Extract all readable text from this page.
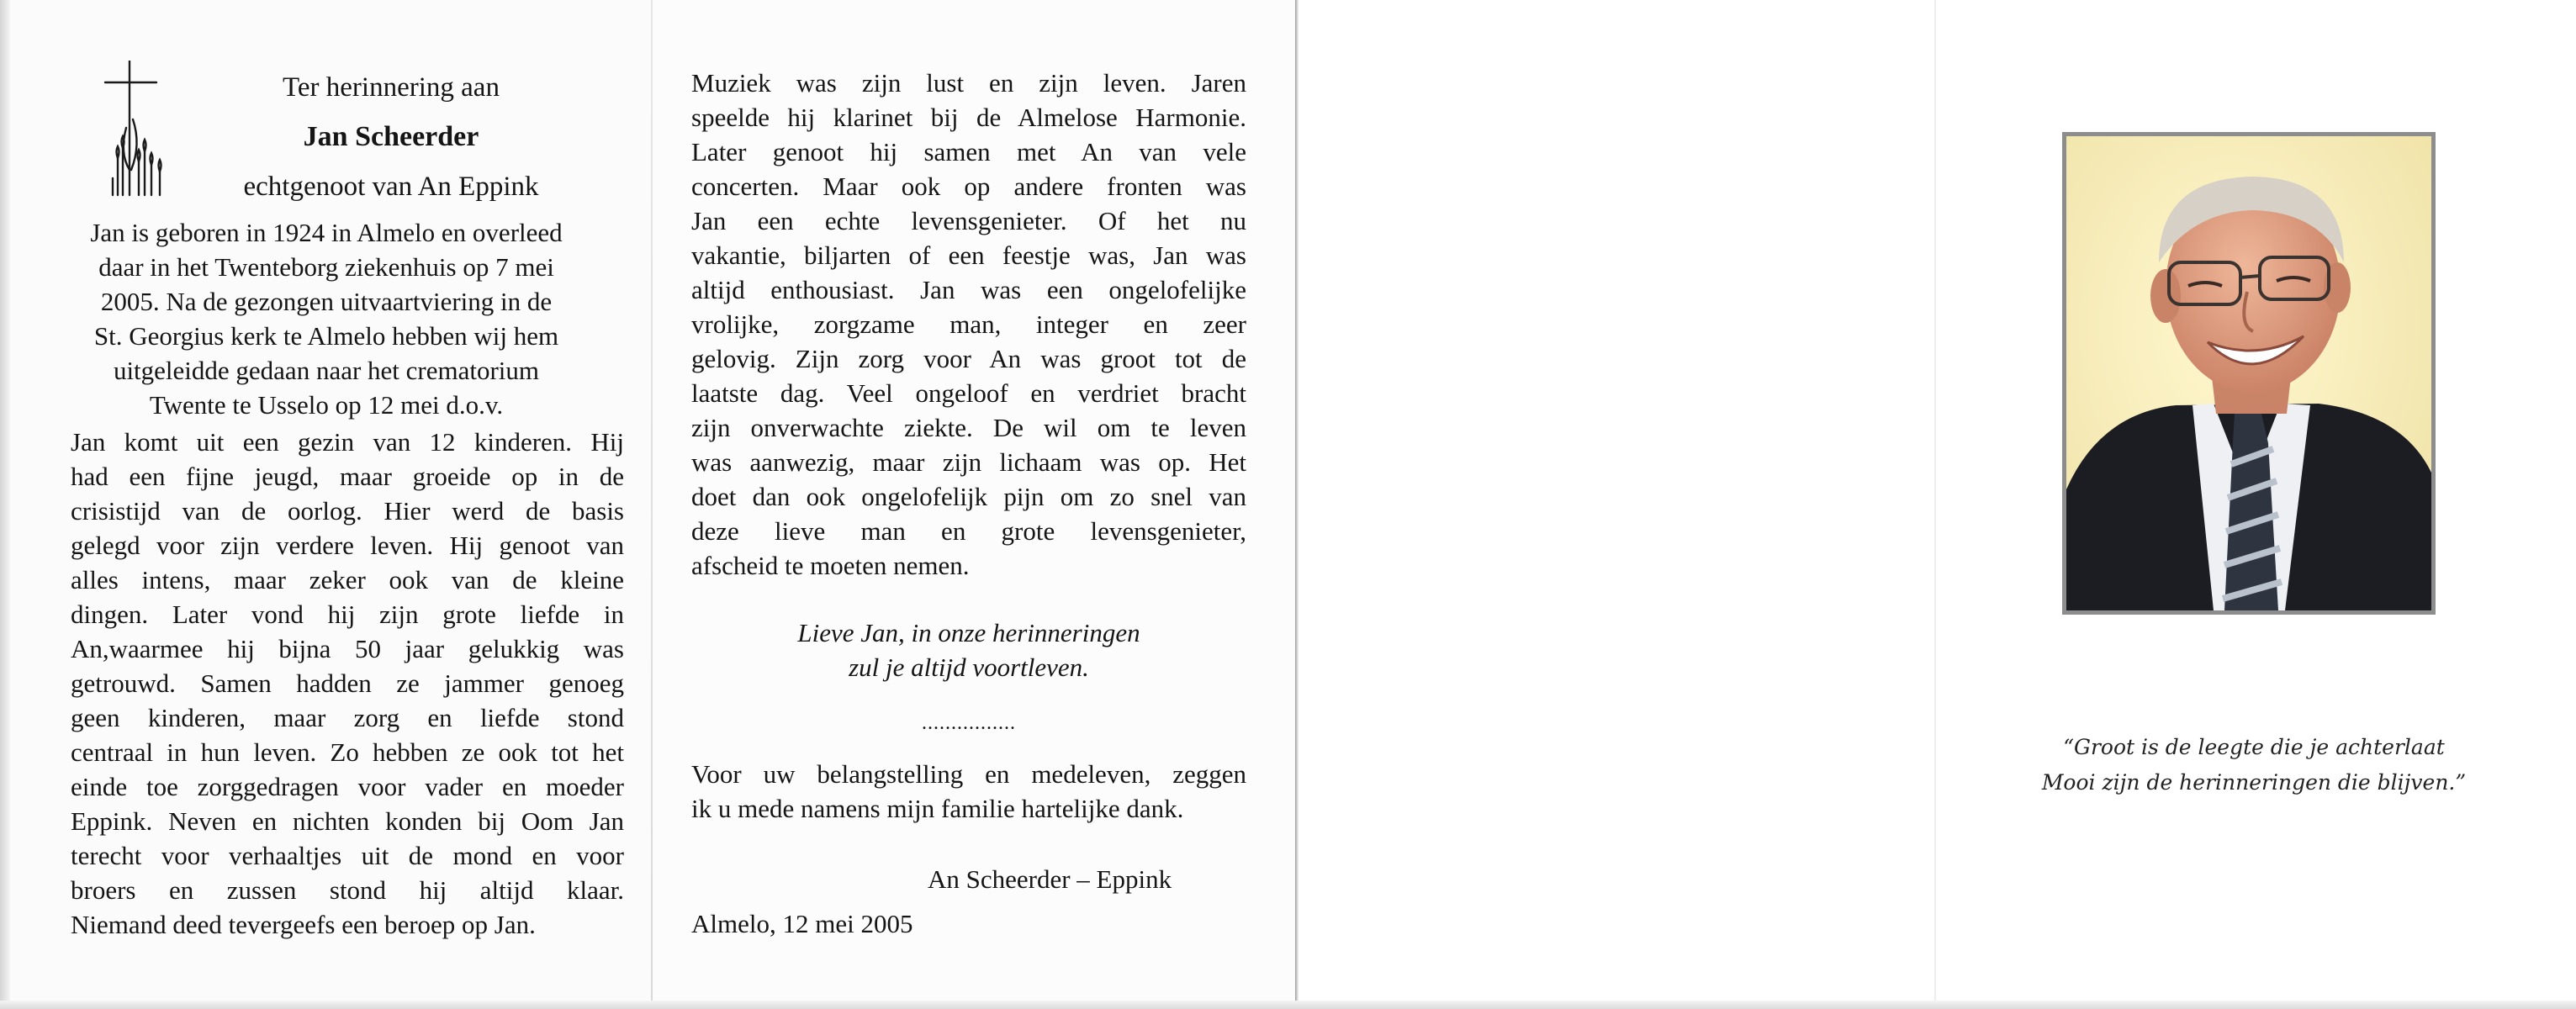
Ter herinnering aan
Jan Scheerder
echtgenoot van An Eppink
Jan is geboren in 1924 in Almelo en overleed
daar in het Twenteborg ziekenhuis op 7 mei
2005. Na de gezongen uitvaartviering in de
St. Georgius kerk te Almelo hebben wij hem
uitgeleidde gedaan naar het crematorium
Twente te Usselo op 12 mei d.o.v.
Jan komt uit een gezin van 12 kinderen. Hij
had een fijne jeugd, maar groeide op in de
crisistijd van de oorlog. Hier werd de basis
gelegd voor zijn verdere leven. Hij genoot van
alles intens, maar zeker ook van de kleine
dingen. Later vond hij zijn grote liefde in
An,waarmee hij bijna 50 jaar gelukkig was
getrouwd. Samen hadden ze jammer genoeg
geen kinderen, maar zorg en liefde stond
centraal in hun leven. Zo hebben ze ook tot het
einde toe zorggedragen voor vader en moeder
Eppink. Neven en nichten konden bij Oom Jan
terecht voor verhaaltjes uit de mond en voor
broers en zussen stond hij altijd klaar.
Niemand deed tevergeefs een beroep op Jan.
Muziek was zijn lust en zijn leven. Jaren
speelde hij klarinet bij de Almelose Harmonie.
Later genoot hij samen met An van vele
concerten. Maar ook op andere fronten was
Jan een echte levensgenieter. Of het nu
vakantie, biljarten of een feestje was, Jan was
altijd enthousiast. Jan was een ongelofelijke
vrolijke, zorgzame man, integer en zeer
gelovig. Zijn zorg voor An was groot tot de
laatste dag. Veel ongeloof en verdriet bracht
zijn onverwachte ziekte. De wil om te leven
was aanwezig, maar zijn lichaam was op. Het
doet dan ook ongelofelijk pijn om zo snel van
deze lieve man en grote levensgenieter,
afscheid te moeten nemen.
Lieve Jan, in onze herinneringen
zul je altijd voortleven.
................
Voor uw belangstelling en medeleven, zeggen
ik u mede namens mijn familie hartelijke dank.
An Scheerder – Eppink
Almelo, 12 mei 2005
“Groot is de leegte die je achterlaat
Mooi zijn de herinneringen die blijven.”
